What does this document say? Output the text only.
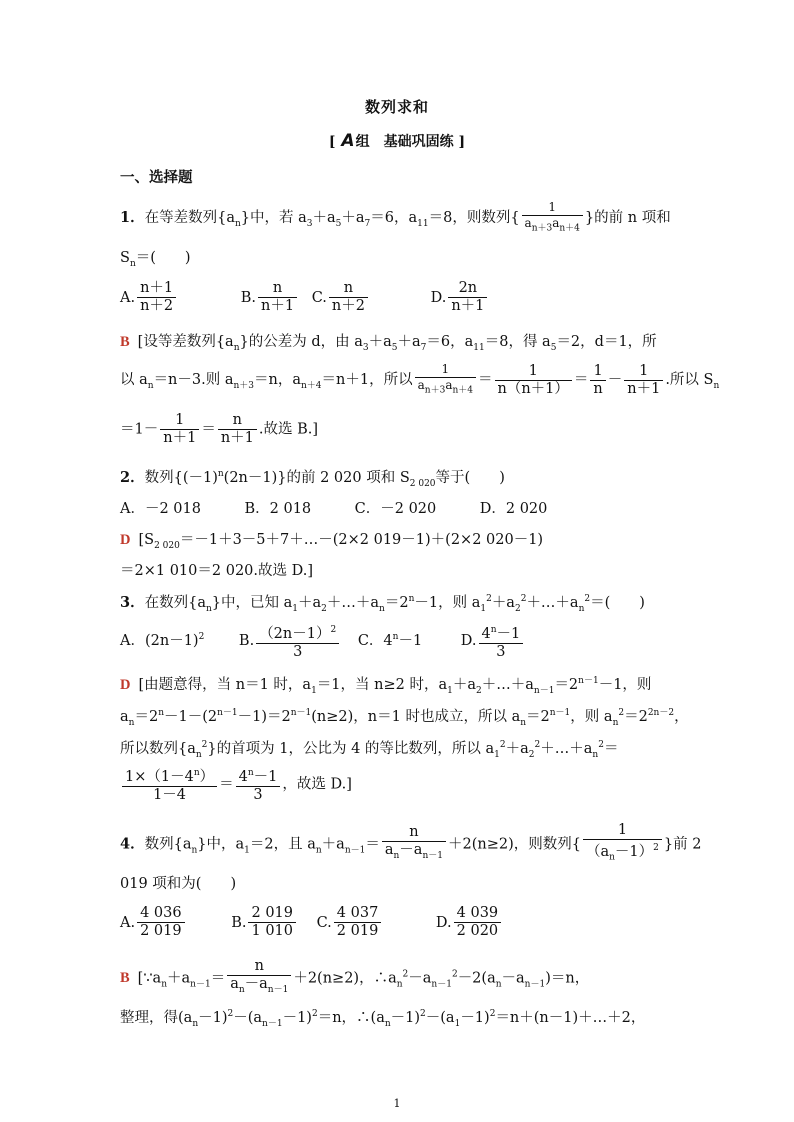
数列求和
[ A组　基础巩固练 ]
一、选择题
1．在等差数列$\{a_n\}$中，若 $a_3+a_5+a_7=6$，$a_{11}=8$，则数列{ $\frac{1}{a_{n+3}a_{n+4}}$ }的前 n 项和
$S_n=$(　　)
A. $\frac{n+1}{n+2}$	B. $\frac{n}{n+1} C$. $\frac{n}{n+2}$	D. $\frac{2n}{n+1}$
B [设等差数列$\{a_n\}$的公差为 d，由 $a_3+a_5+a_7=6$，$a_{11}=8$，得 $a_5=2$，d＝1，所
以 $a_n=n-3$.则 $a_{n+3}=n$，$a_{n+4}=n+1$，所以 $\frac{1}{a_{n+3}a_{n+4}} = \frac{1}{n(n+1)} = \frac{1}{n} - \frac{1}{n+1}$ .所以 $S_n$
$=1- \frac{1}{n+1} = \frac{n}{n+1}$ .故选 B.]
2．数列$\{(-1)^n(2n-1)\}$的前 2 020 项和 $S_{2 020}$等于(　　)
A．－2 018　　　B．2 018　　　C．－2 020　　　D．2 020
D [$S_{2 020}=-1+3-5+7+\dots-(2\times 2$ 019－1)＋(2×2 020－1)
＝2×1 010＝2 020.故选 D.]
3．在数列$\{a_n\}$中，已知 $a_1+a_2+\dots+a_n=2^n-1$，则 $a_1^2+a_2^2+\dots+a_n^2=$(　　)
A．$(2n-1)^2$ B. $\frac{(2n-1)^2}{3}$ C．$4^n-1$	D. $\frac{4^n-1}{3}$
D [由题意得，当 n＝1 时，$a_1=1$，当 n≥2 时，$a_1+a_2+\dots+a_{n-1}=2^{n-1}-1$，则
$a_n=2^n-1-(2^{n-1}-1)=2^{n-1}(n\ge 2)$，n＝1 时也成立，所以 $a_n=2^{n-1}$，则 $a_n^2=2^{2n-2}$，
所以数列$\{a_n^2\}$的首项为 1，公比为 4 的等比数列，所以 $a_1^2+a_2^2+\dots+a_n^2=$
$\frac{1\times(1-4^n)}{1-4} = \frac{4^n-1}{3}$ ，故选 D.]
4．数列$\{a_n\}$中，$a_1=2$，且 $a_n+a_{n-1}= \frac{n}{a_n-a_{n-1}} +2(n\ge 2)$，则数列{ $\frac{1}{(a_n-1)^2}$ }前 2
019 项和为(　　)
A. $\frac{4 036}{2 019}$	B. $\frac{2 019}{1 010} C$. $\frac{4 037}{2 019}$	D. $\frac{4 039}{2 020}$
B [$\because a_n+a_{n-1}= \frac{n}{a_n-a_{n-1}} +2(n\ge 2)$，$\therefore a_n^2-a_{n-1}^2-2(a_n-a_{n-1})=n$，
整理，得$(a_n-1)^2-(a_{n-1}-1)^2=n$，$\therefore(a_n-1)^2-(a_1-1)^2=n+(n-1)+\dots+2$，
1
